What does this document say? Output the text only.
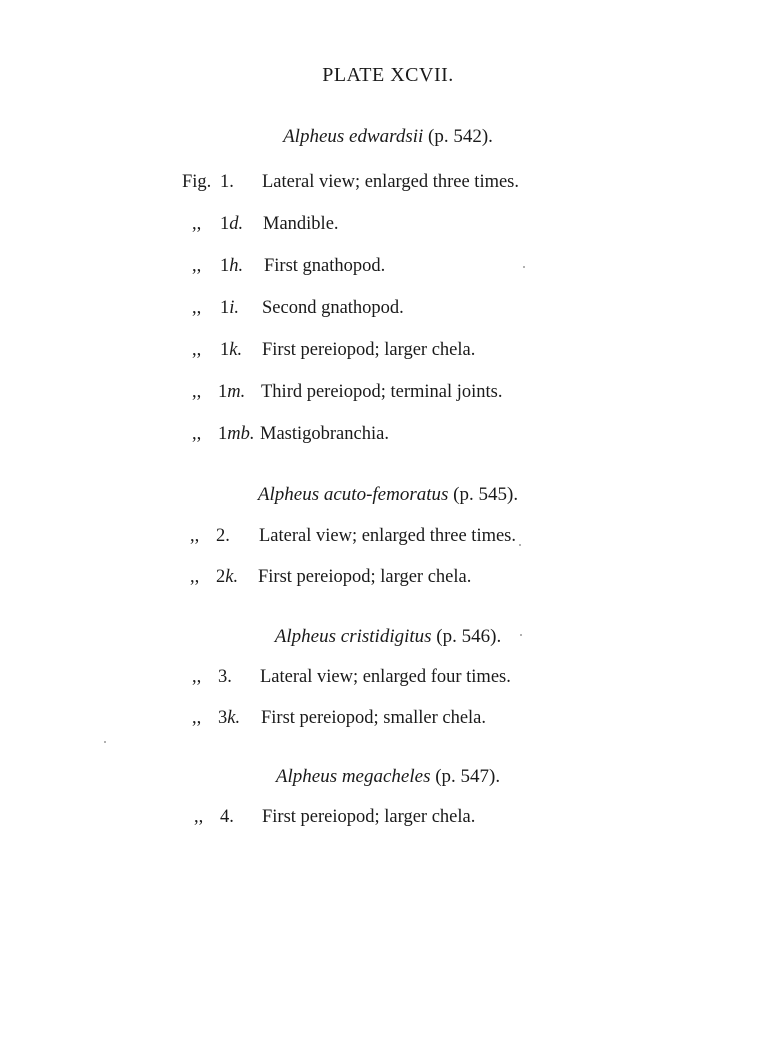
PLATE XCVII.
Alpheus edwardsii (p. 542).
Fig. 1. Lateral view; enlarged three times.
,, 1d. Mandible.
,, 1h. First gnathopod.
,, 1i. Second gnathopod.
,, 1k. First pereiopod; larger chela.
,, 1m. Third pereiopod; terminal joints.
,, 1mb. Mastigobranchia.
Alpheus acuto-femoratus (p. 545).
,, 2. Lateral view; enlarged three times.
,, 2k. First pereiopod; larger chela.
Alpheus cristidigitus (p. 546).
,, 3. Lateral view; enlarged four times.
,, 3k. First pereiopod; smaller chela.
Alpheus megacheles (p. 547).
,, 4. First pereiopod; larger chela.
